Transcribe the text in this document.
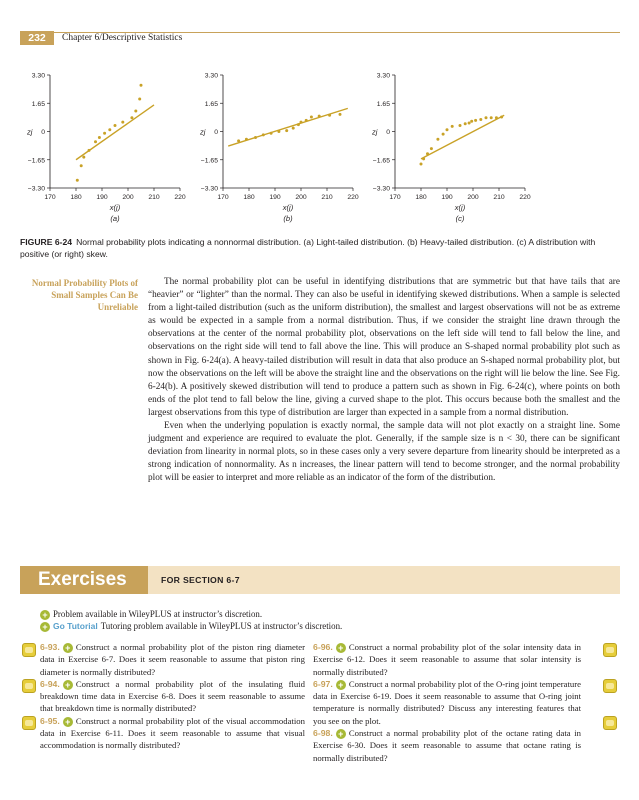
232	Chapter 6/Descriptive Statistics
3.30
1.65
0
−1.65
−3.30
170 180 190 200 210 220
zj
x(j)
(a)
3.30
1.65
0
−1.65
−3.30
170 180 190 200 210 220
zj
x(j)
(b)
3.30
1.65
0
−1.65
−3.30
170 180 190 200 210 220
zj
x(j)
(c)
FIGURE 6-24 Normal probability plots indicating a nonnormal distribution. (a) Light-tailed distribution. (b) Heavy-tailed distribution. (c) A distribution with positive (or right) skew.
Normal Probability Plots of Small Samples Can Be Unreliable

The normal probability plot can be useful in identifying distributions that are symmetric but that have tails that are “heavier” or “lighter” than the normal. They can also be useful in identifying skewed distributions. When a sample is selected from a light-tailed distribution (such as the uniform distribution), the smallest and largest observations will not be as extreme as would be expected in a sample from a normal distribution. Thus, if we consider the straight line drawn through the observations at the center of the normal probability plot, observations on the left side will tend to fall below the line, and observations on the right side will tend to fall above the line. This will produce an S-shaped normal probability plot such as shown in Fig. 6-24(a). A heavy-tailed distribution will result in data that also produce an S-shaped normal probability plot, but now the observations on the left will be above the straight line and the observations on the right will lie below the line. See Fig. 6-24(b). A positively skewed distribution will tend to produce a pattern such as shown in Fig. 6-24(c), where points on both ends of the plot tend to fall below the line, giving a curved shape to the plot. This occurs because both the smallest and the largest observations from this type of distribution are larger than expected in a sample from a normal distribution.

Even when the underlying population is exactly normal, the sample data will not plot exactly on a straight line. Some judgment and experience are required to evaluate the plot. Generally, if the sample size is n < 30, there can be significant deviation from linearity in normal plots, so in these cases only a very severe departure from linearity should be interpreted as a strong indication of nonnormality. As n increases, the linear pattern will tend to become stronger, and the normal probability plot will be easier to interpret and more reliable as an indicator of the form of the distribution.

Exercises	FOR SECTION 6-7
+ Problem available in WileyPLUS at instructor’s discretion.
+ Go Tutorial Tutoring problem available in WileyPLUS at instructor’s discretion.
6-93. + Construct a normal probability plot of the piston ring diameter data in Exercise 6-7. Does it seem reasonable to assume that piston ring diameter is normally distributed?
6-94. + Construct a normal probability plot of the insulating fluid breakdown time data in Exercise 6-8. Does it seem reasonable to assume that breakdown time is normally distributed?
6-95. + Construct a normal probability plot of the visual accommodation data in Exercise 6-11. Does it seem reasonable to assume that visual accommodation is normally distributed?
6-96. + Construct a normal probability plot of the solar intensity data in Exercise 6-12. Does it seem reasonable to assume that solar intensity is normally distributed?
6-97. + Construct a normal probability plot of the O-ring joint temperature data in Exercise 6-19. Does it seem reasonable to assume that O-ring joint temperature is normally distributed? Discuss any interesting features that you see on the plot.
6-98. + Construct a normal probability plot of the octane rating data in Exercise 6-30. Does it seem reasonable to assume that octane rating is normally distributed?
